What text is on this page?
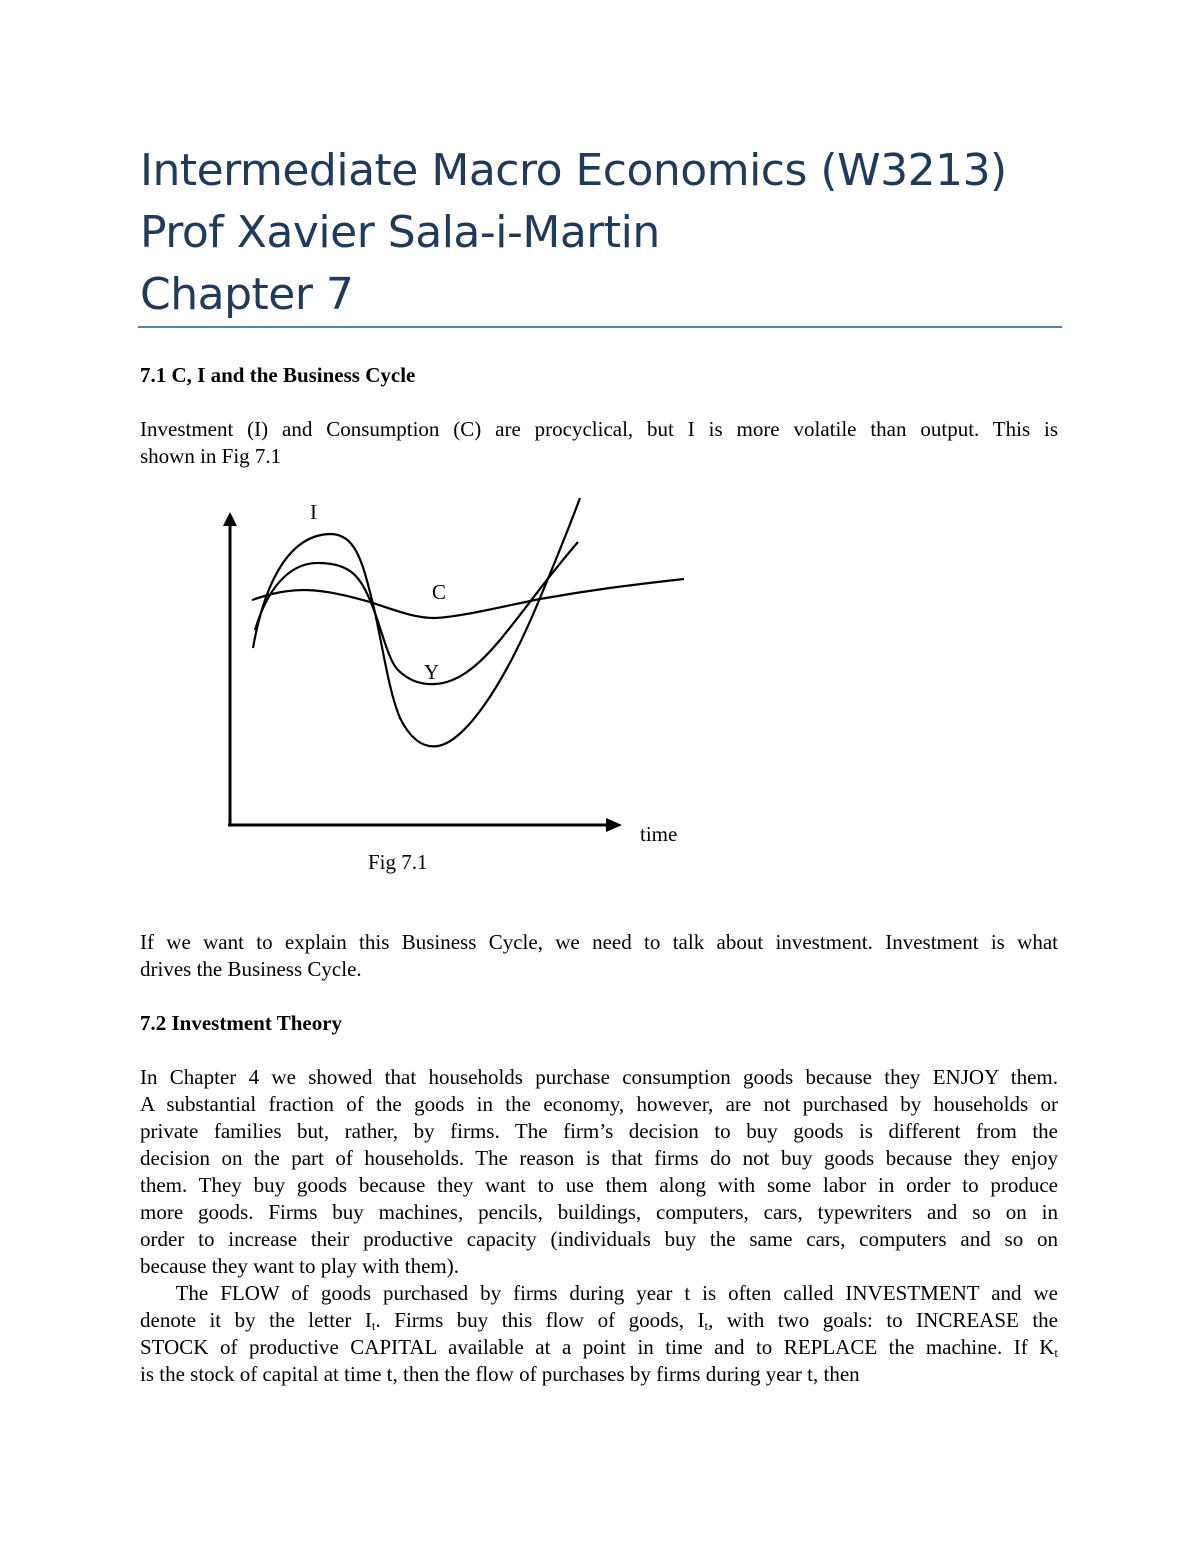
Intermediate Macro Economics (W3213)
Prof Xavier Sala-i-Martin
Chapter 7
7.1 C, I and the Business Cycle
Investment (I) and Consumption (C) are procyclical, but I is more volatile than output. This is
shown in Fig 7.1
I
C
Y
time
Fig 7.1
If we want to explain this Business Cycle, we need to talk about investment. Investment is what
drives the Business Cycle.
7.2 Investment Theory
In Chapter 4 we showed that households purchase consumption goods because they ENJOY them.
A substantial fraction of the goods in the economy, however, are not purchased by households or
private families but, rather, by firms. The firm’s decision to buy goods is different from the
decision on the part of households. The reason is that firms do not buy goods because they enjoy
them. They buy goods because they want to use them along with some labor in order to produce
more goods. Firms buy machines, pencils, buildings, computers, cars, typewriters and so on in
order to increase their productive capacity (individuals buy the same cars, computers and so on
because they want to play with them).
The FLOW of goods purchased by firms during year t is often called INVESTMENT and we
denote it by the letter $I_t$. Firms buy this flow of goods, $I_t$, with two goals: to INCREASE the
STOCK of productive CAPITAL available at a point in time and to REPLACE the machine. If $K_t$
is the stock of capital at time t, then the flow of purchases by firms during year t, then
